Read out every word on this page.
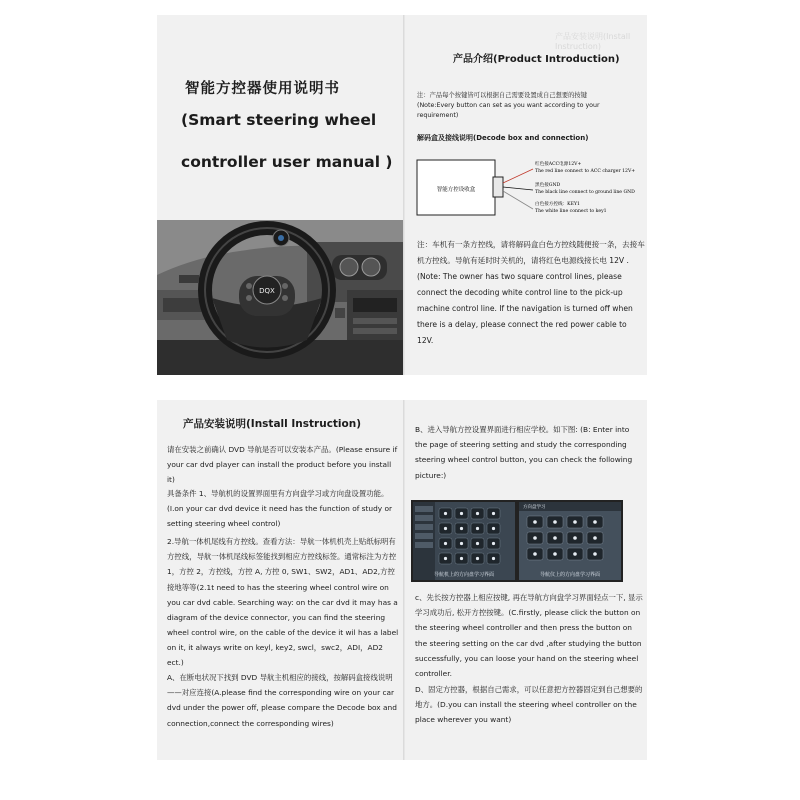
智能方控器使用说明书
(Smart steering wheel
controller user manual )
DQX
产品安装说明(Install Instruction)
产品介绍(Product Introduction)
注：产品每个按键皆可以根据自己需要设置成自己想要的按键
(Note:Every button can set as you want according to your requirement)
解码盒及接线说明(Decode box and connection)
智能方控设收盒
红色接ACC电源12V+
The red line connect to ACC charger 12V+
黑色接GND
The black line connect to ground line GND
白色接方控线：KEY1
The white line connect to key1
注：车机有一条方控线，请将解码盒白色方控线随便接一条，去接车机方控线。导航有延时时关机的，请将红色电源线接长电 12V .(Note: The owner has two square control lines, please connect the decoding white control line to the pick-up machine control line. If the navigation is turned off when there is a delay, please connect the red power cable to 12V.
产品安装说明(Install Instruction)
请在安装之前确认 DVD 导航是否可以安装本产品。(Please ensure if your car dvd player can install the product before you install it)
具备条件 1、导航机的设置界面里有方向盘学习或方向盘设置功能。(I.on your car dvd device it need has the function of study or setting steering wheel control)
2.导航一体机尾线有方控线。查看方法：导航一体机机壳上贴纸标明有方控线，导航一体机尾线标签能找到相应方控线标签。通常标注为方控 1，方控 2，方控线，方控 A, 方控 0, SW1、SW2，AD1、AD2,方控接地等等(2.1t need to has the steering wheel control wire on you car dvd cable. Searching way: on the car dvd it may has a diagram of the device connector, you can find the steering wheel control wire, on the cable of the device it wil has a label on it, it always write on keyl, key2, swcl，swc2，ADI，AD2 ect.)
A、在断电状况下找到 DVD 导航主机相应的接线，按解码盒接线说明——对应连接(A.please find the corresponding wire on your car dvd under the power off, please compare the Decode box and connection,connect the corresponding wires)
B、进入导航方控设置界面进行相应学校。如下图: (B: Enter into the page of steering setting and study the corresponding steering wheel control button, you can check the following picture:)
导航机上的方向盘学习界面
方向盘学习
导航仪上的方向盘学习界面
c、先长按方控器上相应按键, 再在导航方向盘学习界面轻点一下, 显示学习成功后, 松开方控按键。(C.firstly, please click the button on the steering wheel controller and then press the button on the steering setting on the car dvd ,after studying the button successfully, you can loose your hand on the steering wheel controller.
D、固定方控器，根据自己需求，可以任意把方控器固定到自己想要的地方。(D.you can install the steering wheel controller on the place wherever you want)
